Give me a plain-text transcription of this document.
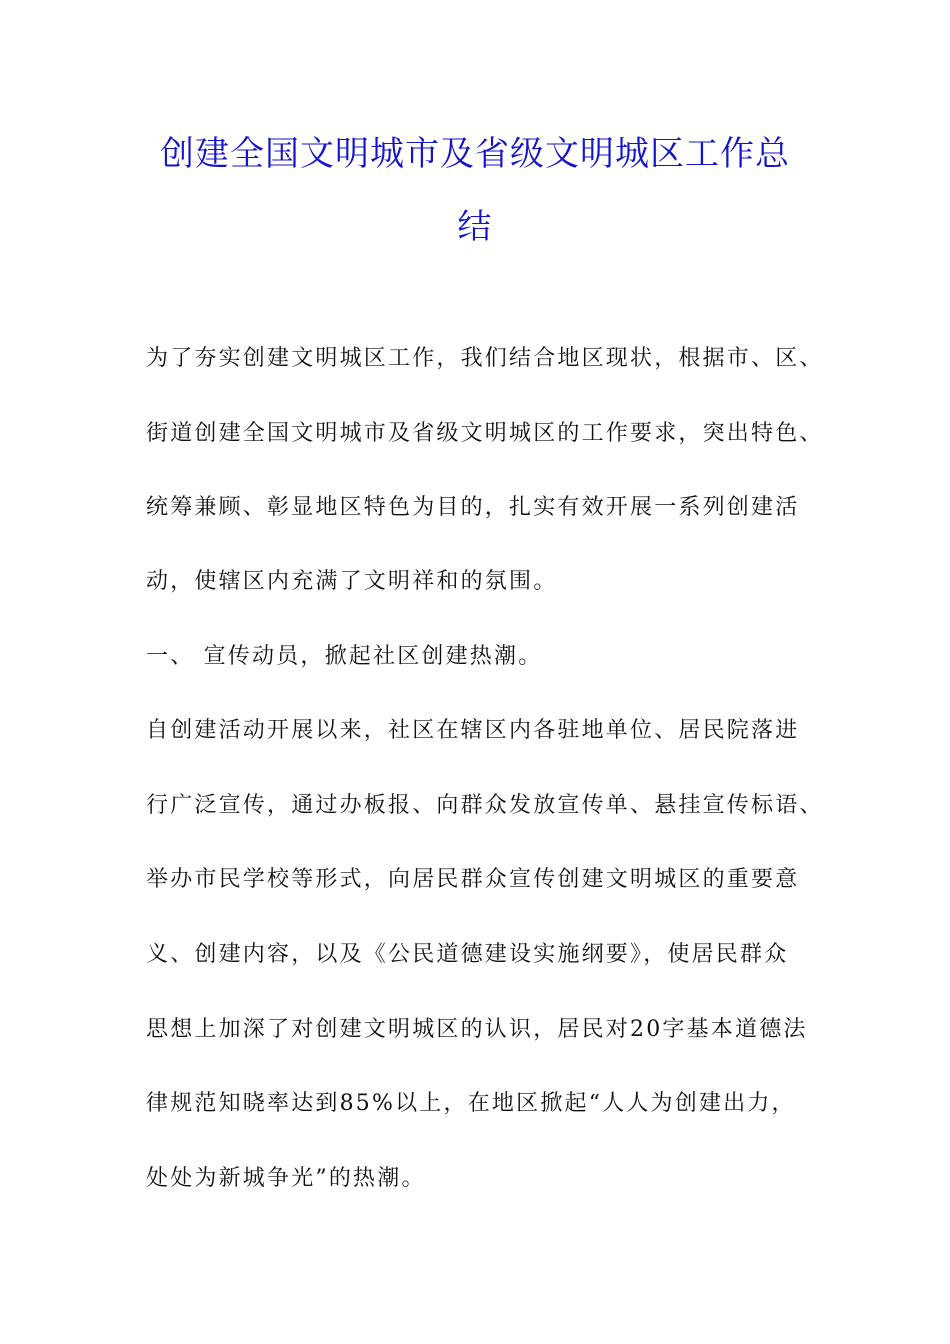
创建全国文明城市及省级文明城区工作总
结
为了夯实创建文明城区工作，我们结合地区现状，根据市、区、
街道创建全国文明城市及省级文明城区的工作要求，突出特色、
统筹兼顾、彰显地区特色为目的，扎实有效开展一系列创建活
动，使辖区内充满了文明祥和的氛围。
一、 宣传动员，掀起社区创建热潮。
自创建活动开展以来，社区在辖区内各驻地单位、居民院落进
行广泛宣传，通过办板报、向群众发放宣传单、悬挂宣传标语、
举办市民学校等形式，向居民群众宣传创建文明城区的重要意
义、创建内容，以及《公民道德建设实施纲要》，使居民群众
思想上加深了对创建文明城区的认识，居民对20字基本道德法
律规范知晓率达到85%以上，在地区掀起“人人为创建出力，
处处为新城争光”的热潮。
